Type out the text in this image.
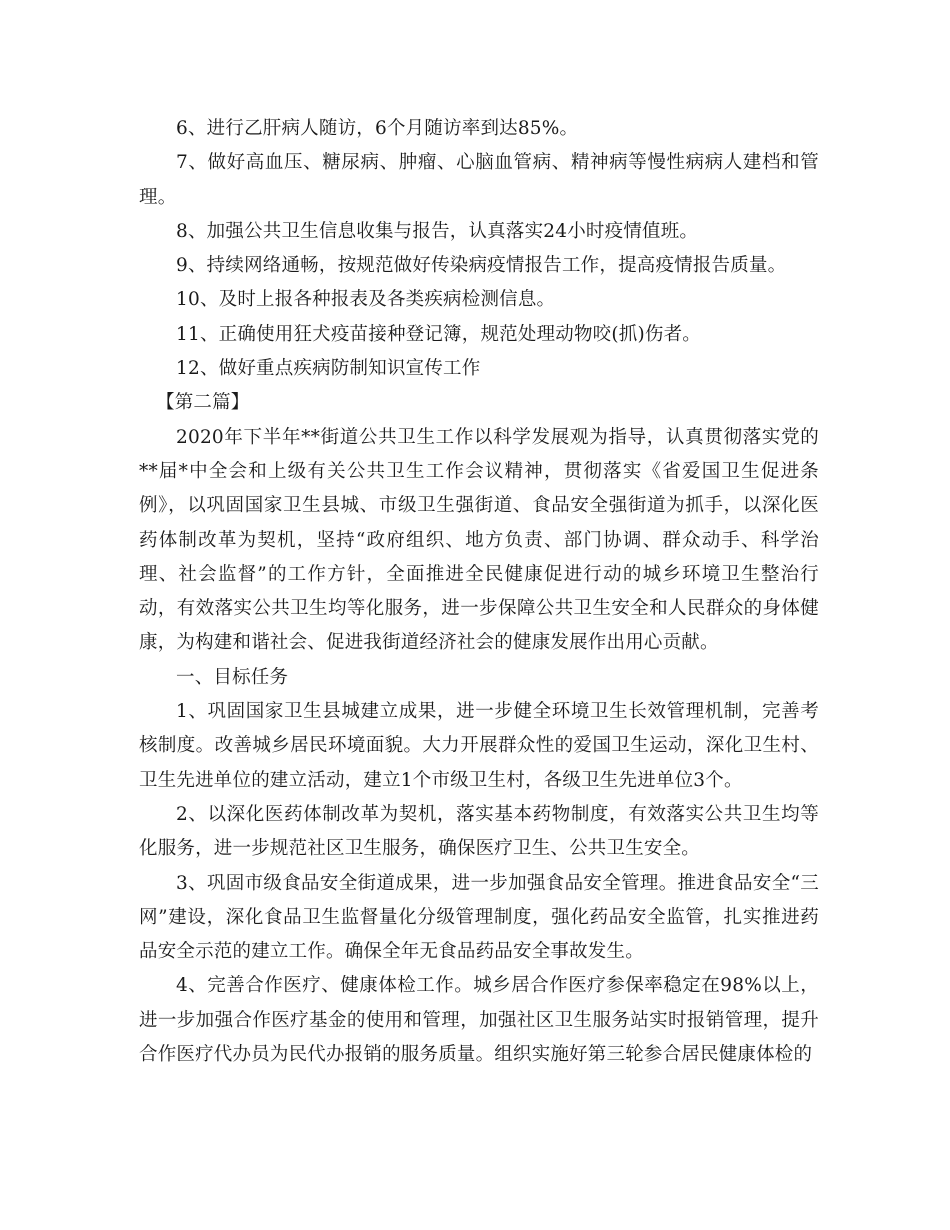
6、进行乙肝病人随访，6个月随访率到达85%。

7、做好高血压、糖尿病、肿瘤、心脑血管病、精神病等慢性病病人建档和管理。

8、加强公共卫生信息收集与报告，认真落实24小时疫情值班。

9、持续网络通畅，按规范做好传染病疫情报告工作，提高疫情报告质量。

10、及时上报各种报表及各类疾病检测信息。

11、正确使用狂犬疫苗接种登记簿，规范处理动物咬(抓)伤者。

12、做好重点疾病防制知识宣传工作

【第二篇】

2020年下半年**街道公共卫生工作以科学发展观为指导，认真贯彻落实党的**届*中全会和上级有关公共卫生工作会议精神，贯彻落实《省爱国卫生促进条例》，以巩固国家卫生县城、市级卫生强街道、食品安全强街道为抓手，以深化医药体制改革为契机，坚持“政府组织、地方负责、部门协调、群众动手、科学治理、社会监督”的工作方针，全面推进全民健康促进行动的城乡环境卫生整治行动，有效落实公共卫生均等化服务，进一步保障公共卫生安全和人民群众的身体健康，为构建和谐社会、促进我街道经济社会的健康发展作出用心贡献。

一、目标任务

1、巩固国家卫生县城建立成果，进一步健全环境卫生长效管理机制，完善考核制度。改善城乡居民环境面貌。大力开展群众性的爱国卫生运动，深化卫生村、卫生先进单位的建立活动，建立1个市级卫生村，各级卫生先进单位3个。

2、以深化医药体制改革为契机，落实基本药物制度，有效落实公共卫生均等化服务，进一步规范社区卫生服务，确保医疗卫生、公共卫生安全。

3、巩固市级食品安全街道成果，进一步加强食品安全管理。推进食品安全“三网”建设，深化食品卫生监督量化分级管理制度，强化药品安全监管，扎实推进药品安全示范的建立工作。确保全年无食品药品安全事故发生。

4、完善合作医疗、健康体检工作。城乡居合作医疗参保率稳定在98%以上，进一步加强合作医疗基金的使用和管理，加强社区卫生服务站实时报销管理，提升合作医疗代办员为民代办报销的服务质量。组织实施好第三轮参合居民健康体检的
